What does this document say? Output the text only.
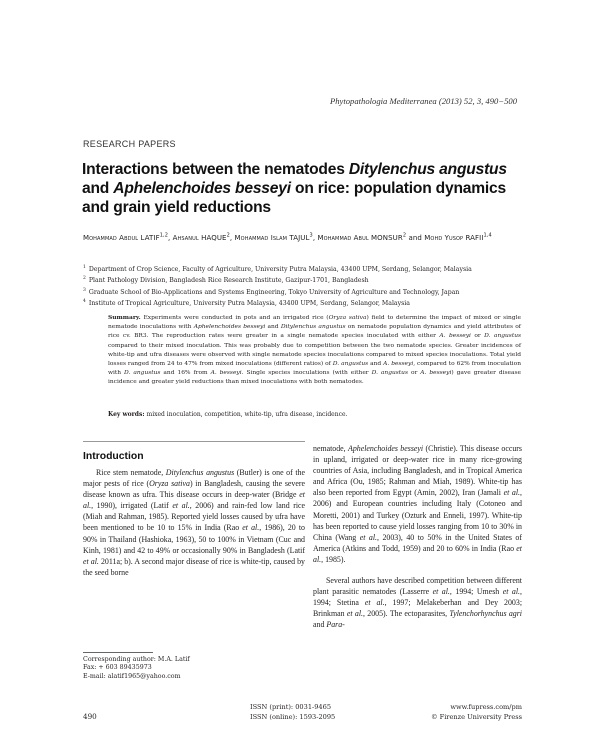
Phytopathologia Mediterranea (2013) 52, 3, 490−500
RESEARCH PAPERS
Interactions between the nematodes Ditylenchus angustus and Aphelenchoides besseyi on rice: population dynamics and grain yield reductions
Mohammad Abdul LATIF$^{1,2}$, Ahsanul HAQUE$^2$, Mohammad Islam TAJUL$^3$, Mohammad Abul MONSUR$^2$ and Mohd Yusop RAFII$^{1,4}$
$^1$ Department of Crop Science, Faculty of Agriculture, University Putra Malaysia, 43400 UPM, Serdang, Selangor, Malaysia
$^2$ Plant Pathology Division, Bangladesh Rice Research Institute, Gazipur-1701, Bangladesh
$^3$ Graduate School of Bio-Applications and Systems Engineering, Tokyo University of Agriculture and Technology, Japan
$^4$ Institute of Tropical Agriculture, University Putra Malaysia, 43400 UPM, Serdang, Selangor, Malaysia
Summary. Experiments were conducted in pots and an irrigated rice (Oryza sativa) field to determine the impact of mixed or single nematode inoculations with Aphelenchoides besseyi and Ditylenchus angustus on nematode population dynamics and yield attributes of rice cv. BR3. The reproduction rates were greater in a single nematode species inoculated with either A. besseyi or D. angustus compared to their mixed inoculation. This was probably due to competition between the two nematode species. Greater incidences of white-tip and ufra diseases were observed with single nematode species inoculations compared to mixed species inoculations. Total yield losses ranged from 24 to 47% from mixed inoculations (different ratios) of D. angustus and A. besseyi, compared to 62% from inoculation with D. angustus and 16% from A. besseyi. Single species inoculations (with either D. angustus or A. besseyi) gave greater disease incidence and greater yield reductions than mixed inoculations with both nematodes.
Key words: mixed inoculation, competition, white-tip, ufra disease, incidence.
Introduction

Rice stem nematode, Ditylenchus angustus (Butler) is one of the major pests of rice (Oryza sativa) in Bangladesh, causing the severe disease known as ufra. This disease occurs in deep-water (Bridge et al., 1990), irrigated (Latif et al., 2006) and rain-fed low land rice (Miah and Rahman, 1985). Reported yield losses caused by ufra have been mentioned to be 10 to 15% in India (Rao et al., 1986), 20 to 90% in Thailand (Hashioka, 1963), 50 to 100% in Vietnam (Cuc and Kinh, 1981) and 42 to 49% or occasionally 90% in Bangladesh (Latif et al. 2011a; b). A second major disease of rice is white-tip, caused by the seed borne

nematode, Aphelenchoides besseyi (Christie). This disease occurs in upland, irrigated or deep-water rice in many rice-growing countries of Asia, including Bangladesh, and in Tropical America and Africa (Ou, 1985; Rahman and Miah, 1989). White-tip has also been reported from Egypt (Amin, 2002), Iran (Jamali et al., 2006) and European countries including Italy (Cotoneo and Moretti, 2001) and Turkey (Ozturk and Enneli, 1997). White-tip has been reported to cause yield losses ranging from 10 to 30% in China (Wang et al., 2003), 40 to 50% in the United States of America (Atkins and Todd, 1959) and 20 to 60% in India (Rao et al., 1985).

Several authors have described competition between different plant parasitic nematodes (Lasserre et al., 1994; Umesh et al., 1994; Stetina et al., 1997; Melakeberhan and Dey 2003; Brinkman et al., 2005). The ectoparasites, Tylenchorhynchus agri and Para-

Corresponding author: M.A. Latif
Fax: + 603 89435973
E-mail: alatif1965@yahoo.com
490
ISSN (print): 0031-9465
ISSN (online): 1593-2095
www.fupress.com/pm
© Firenze University Press
